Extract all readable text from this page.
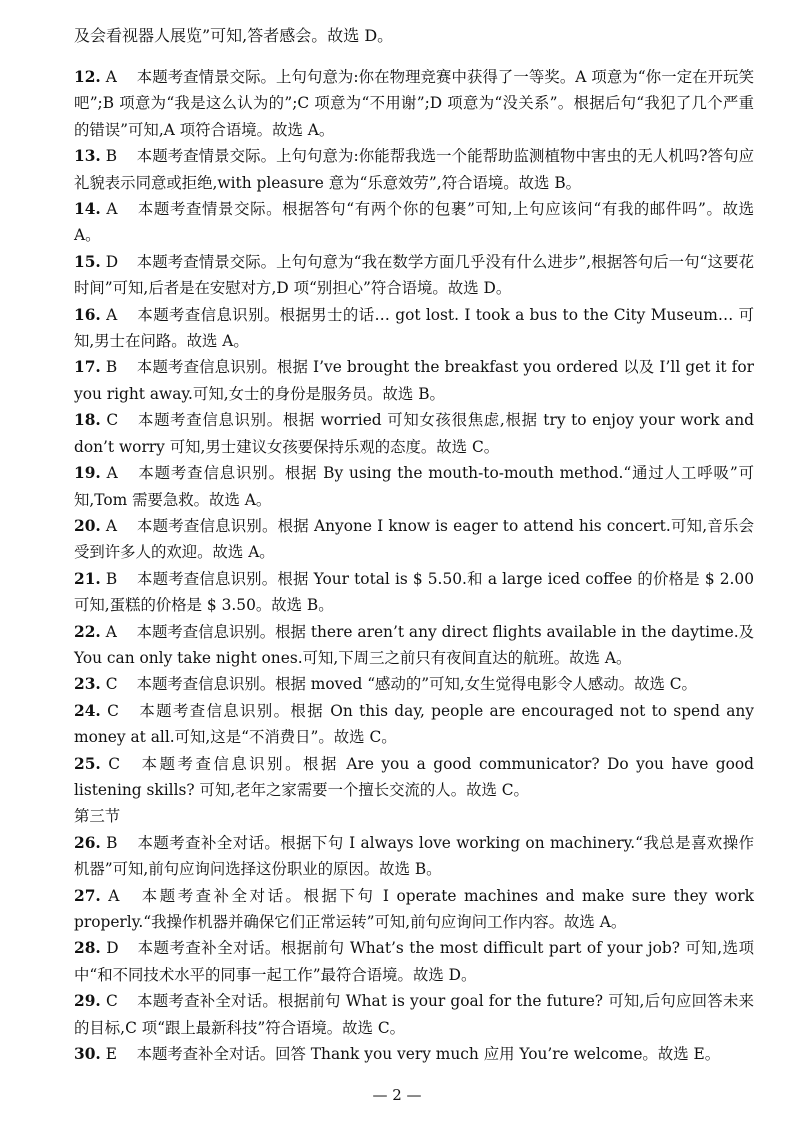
及会看视器人展览”可知,答者感会。故选 D。
12. A 本题考查情景交际。上句句意为:你在物理竞赛中获得了一等奖。A 项意为“你一定在开玩笑吧”;B 项意为“我是这么认为的”;C 项意为“不用谢”;D 项意为“没关系”。根据后句“我犯了几个严重的错误”可知,A 项符合语境。故选 A。
13. B 本题考查情景交际。上句句意为:你能帮我选一个能帮助监测植物中害虫的无人机吗?答句应礼貌表示同意或拒绝,with pleasure 意为“乐意效劳”,符合语境。故选 B。
14. A 本题考查情景交际。根据答句“有两个你的包裹”可知,上句应该问“有我的邮件吗”。故选 A。
15. D 本题考查情景交际。上句句意为“我在数学方面几乎没有什么进步”,根据答句后一句“这要花时间”可知,后者是在安慰对方,D 项“别担心”符合语境。故选 D。
16. A 本题考查信息识别。根据男士的话… got lost. I took a bus to the City Museum… 可知,男士在问路。故选 A。
17. B 本题考查信息识别。根据 I’ve brought the breakfast you ordered 以及 I’ll get it for you right away.可知,女士的身份是服务员。故选 B。
18. C 本题考查信息识别。根据 worried 可知女孩很焦虑,根据 try to enjoy your work and don’t worry 可知,男士建议女孩要保持乐观的态度。故选 C。
19. A 本题考查信息识别。根据 By using the mouth-to-mouth method.“通过人工呼吸”可知,Tom 需要急救。故选 A。
20. A 本题考查信息识别。根据 Anyone I know is eager to attend his concert.可知,音乐会受到许多人的欢迎。故选 A。
21. B 本题考查信息识别。根据 Your total is $ 5.50.和 a large iced coffee 的价格是 $ 2.00 可知,蛋糕的价格是 $ 3.50。故选 B。
22. A 本题考查信息识别。根据 there aren’t any direct flights available in the daytime.及 You can only take night ones.可知,下周三之前只有夜间直达的航班。故选 A。
23. C 本题考查信息识别。根据 moved “感动的”可知,女生觉得电影令人感动。故选 C。
24. C 本题考查信息识别。根据 On this day, people are encouraged not to spend any money at all.可知,这是“不消费日”。故选 C。
25. C 本题考查信息识别。根据 Are you a good communicator? Do you have good listening skills? 可知,老年之家需要一个擅长交流的人。故选 C。
第三节
26. B 本题考查补全对话。根据下句 I always love working on machinery.“我总是喜欢操作机器”可知,前句应询问选择这份职业的原因。故选 B。
27. A 本题考查补全对话。根据下句 I operate machines and make sure they work properly.“我操作机器并确保它们正常运转”可知,前句应询问工作内容。故选 A。
28. D 本题考查补全对话。根据前句 What’s the most difficult part of your job? 可知,选项中“和不同技术水平的同事一起工作”最符合语境。故选 D。
29. C 本题考查补全对话。根据前句 What is your goal for the future? 可知,后句应回答未来的目标,C 项“跟上最新科技”符合语境。故选 C。
30. E 本题考查补全对话。回答 Thank you very much 应用 You’re welcome。故选 E。
— 2 —
